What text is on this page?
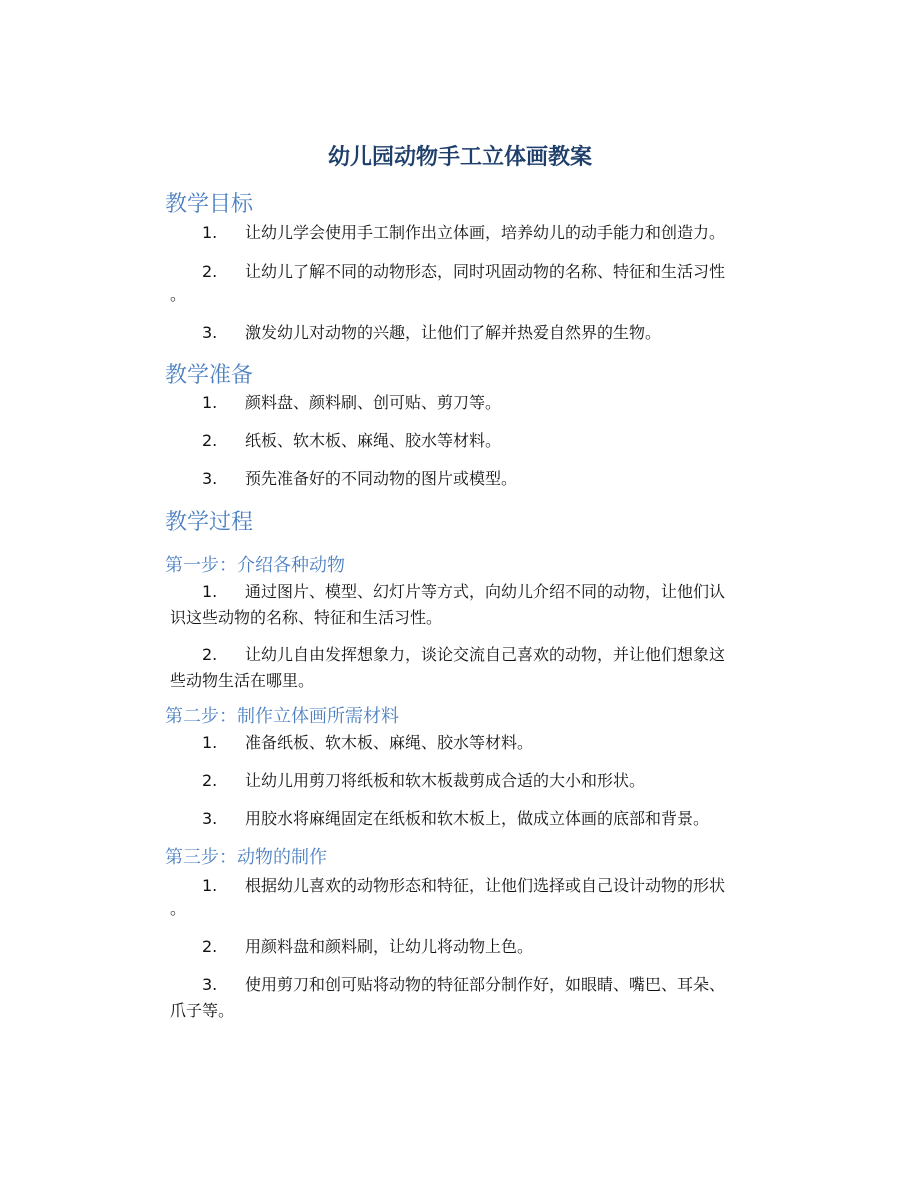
幼儿园动物手工立体画教案
教学目标
1. 让幼儿学会使用手工制作出立体画，培养幼儿的动手能力和创造力。
2. 让幼儿了解不同的动物形态，同时巩固动物的名称、特征和生活习性
。
3. 激发幼儿对动物的兴趣，让他们了解并热爱自然界的生物。
教学准备
1. 颜料盘、颜料刷、创可贴、剪刀等。
2. 纸板、软木板、麻绳、胶水等材料。
3. 预先准备好的不同动物的图片或模型。
教学过程
第一步：介绍各种动物
1. 通过图片、模型、幻灯片等方式，向幼儿介绍不同的动物，让他们认
识这些动物的名称、特征和生活习性。
2. 让幼儿自由发挥想象力，谈论交流自己喜欢的动物，并让他们想象这
些动物生活在哪里。
第二步：制作立体画所需材料
1. 准备纸板、软木板、麻绳、胶水等材料。
2. 让幼儿用剪刀将纸板和软木板裁剪成合适的大小和形状。
3. 用胶水将麻绳固定在纸板和软木板上，做成立体画的底部和背景。
第三步：动物的制作
1. 根据幼儿喜欢的动物形态和特征，让他们选择或自己设计动物的形状
。
2. 用颜料盘和颜料刷，让幼儿将动物上色。
3. 使用剪刀和创可贴将动物的特征部分制作好，如眼睛、嘴巴、耳朵、
爪子等。
